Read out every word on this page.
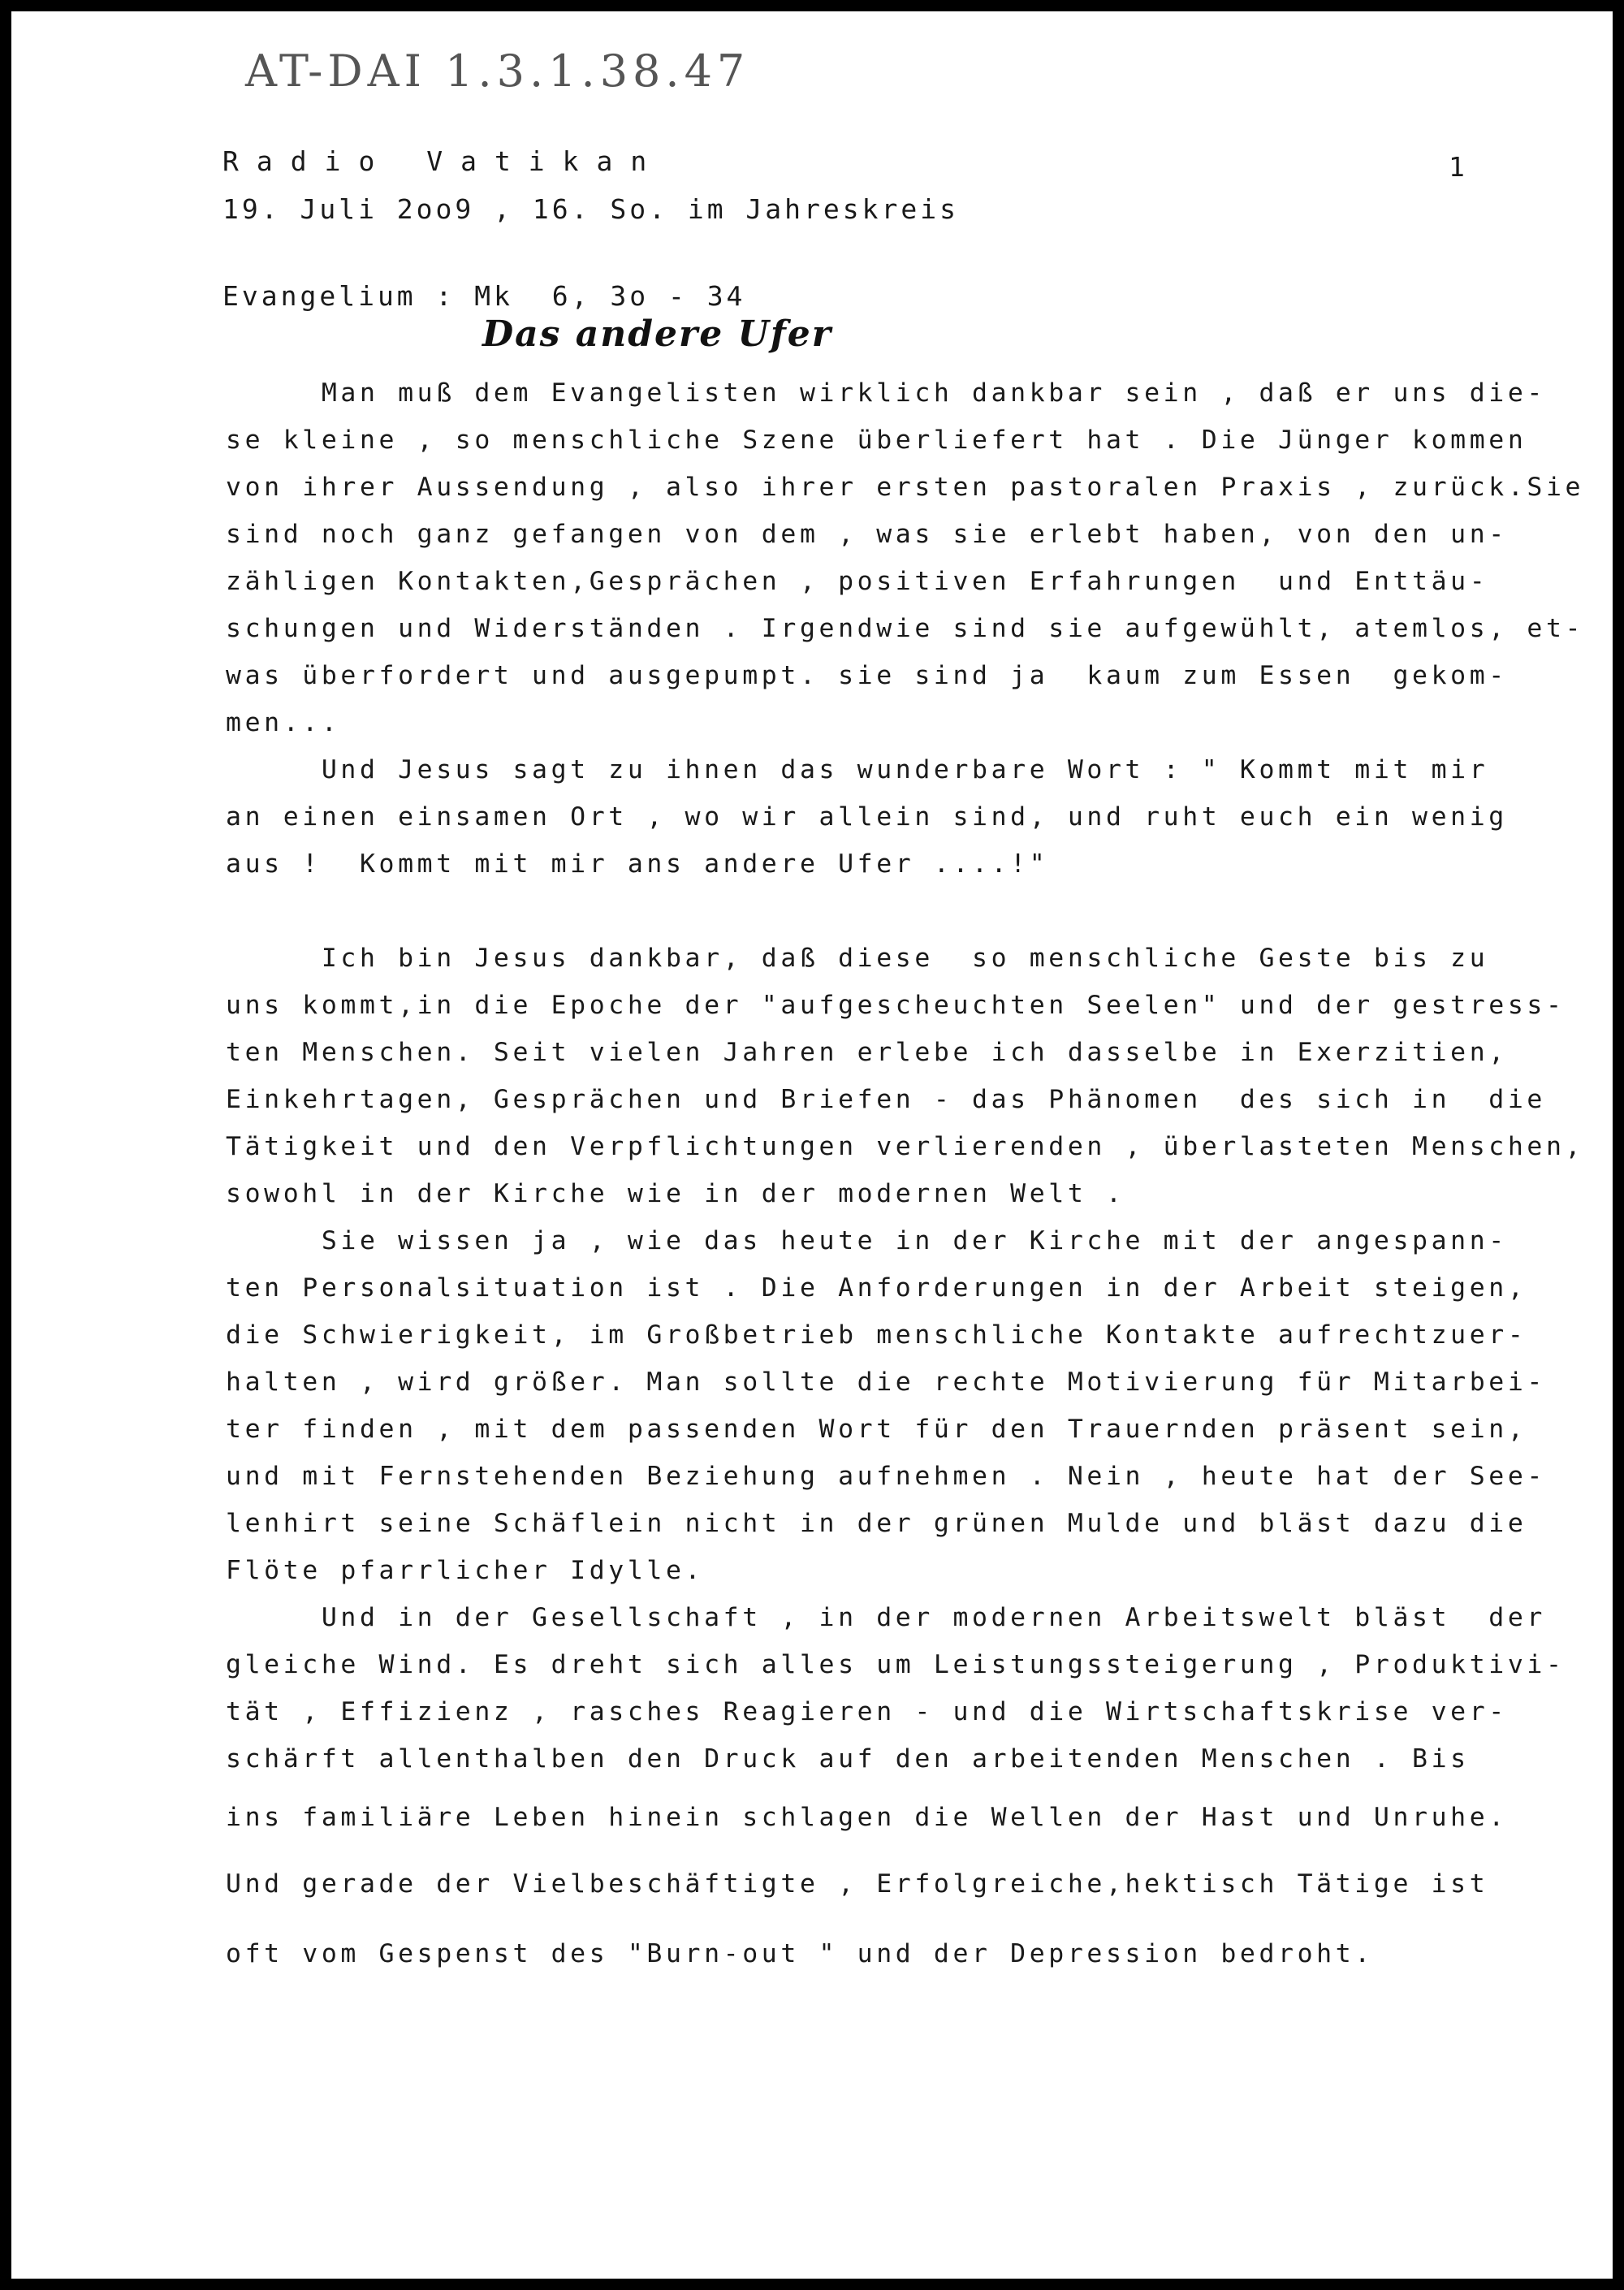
AT-DAI 1.3.1.38.47
Radio Vatikan	1
19. Juli 2oo9 , 16. So. im Jahreskreis
Evangelium : Mk  6, 3o - 34
Das andere Ufer
Man muß dem Evangelisten wirklich dankbar sein , daß er uns die-
se kleine , so menschliche Szene überliefert hat . Die Jünger kommen
von ihrer Aussendung , also ihrer ersten pastoralen Praxis , zurück.Sie
sind noch ganz gefangen von dem , was sie erlebt haben, von den un-
zähligen Kontakten,Gesprächen , positiven Erfahrungen  und Enttäu-
schungen und Widerständen . Irgendwie sind sie aufgewühlt, atemlos, et-
was überfordert und ausgepumpt. sie sind ja  kaum zum Essen  gekom-
men...
Und Jesus sagt zu ihnen das wunderbare Wort : " Kommt mit mir
an einen einsamen Ort , wo wir allein sind, und ruht euch ein wenig
aus !  Kommt mit mir ans andere Ufer ....!"
Ich bin Jesus dankbar, daß diese  so menschliche Geste bis zu
uns kommt,in die Epoche der "aufgescheuchten Seelen" und der gestress-
ten Menschen. Seit vielen Jahren erlebe ich dasselbe in Exerzitien,
Einkehrtagen, Gesprächen und Briefen - das Phänomen  des sich in  die
Tätigkeit und den Verpflichtungen verlierenden , überlasteten Menschen,
sowohl in der Kirche wie in der modernen Welt .
Sie wissen ja , wie das heute in der Kirche mit der angespann-
ten Personalsituation ist . Die Anforderungen in der Arbeit steigen,
die Schwierigkeit, im Großbetrieb menschliche Kontakte aufrechtzuer-
halten , wird größer. Man sollte die rechte Motivierung für Mitarbei-
ter finden , mit dem passenden Wort für den Trauernden präsent sein,
und mit Fernstehenden Beziehung aufnehmen . Nein , heute hat der See-
lenhirt seine Schäflein nicht in der grünen Mulde und bläst dazu die
Flöte pfarrlicher Idylle.
Und in der Gesellschaft , in der modernen Arbeitswelt bläst  der
gleiche Wind. Es dreht sich alles um Leistungssteigerung , Produktivi-
tät , Effizienz , rasches Reagieren - und die Wirtschaftskrise ver-
schärft allenthalben den Druck auf den arbeitenden Menschen . Bis
ins familiäre Leben hinein schlagen die Wellen der Hast und Unruhe.
Und gerade der Vielbeschäftigte , Erfolgreiche,hektisch Tätige ist
oft vom Gespenst des "Burn-out " und der Depression bedroht.
